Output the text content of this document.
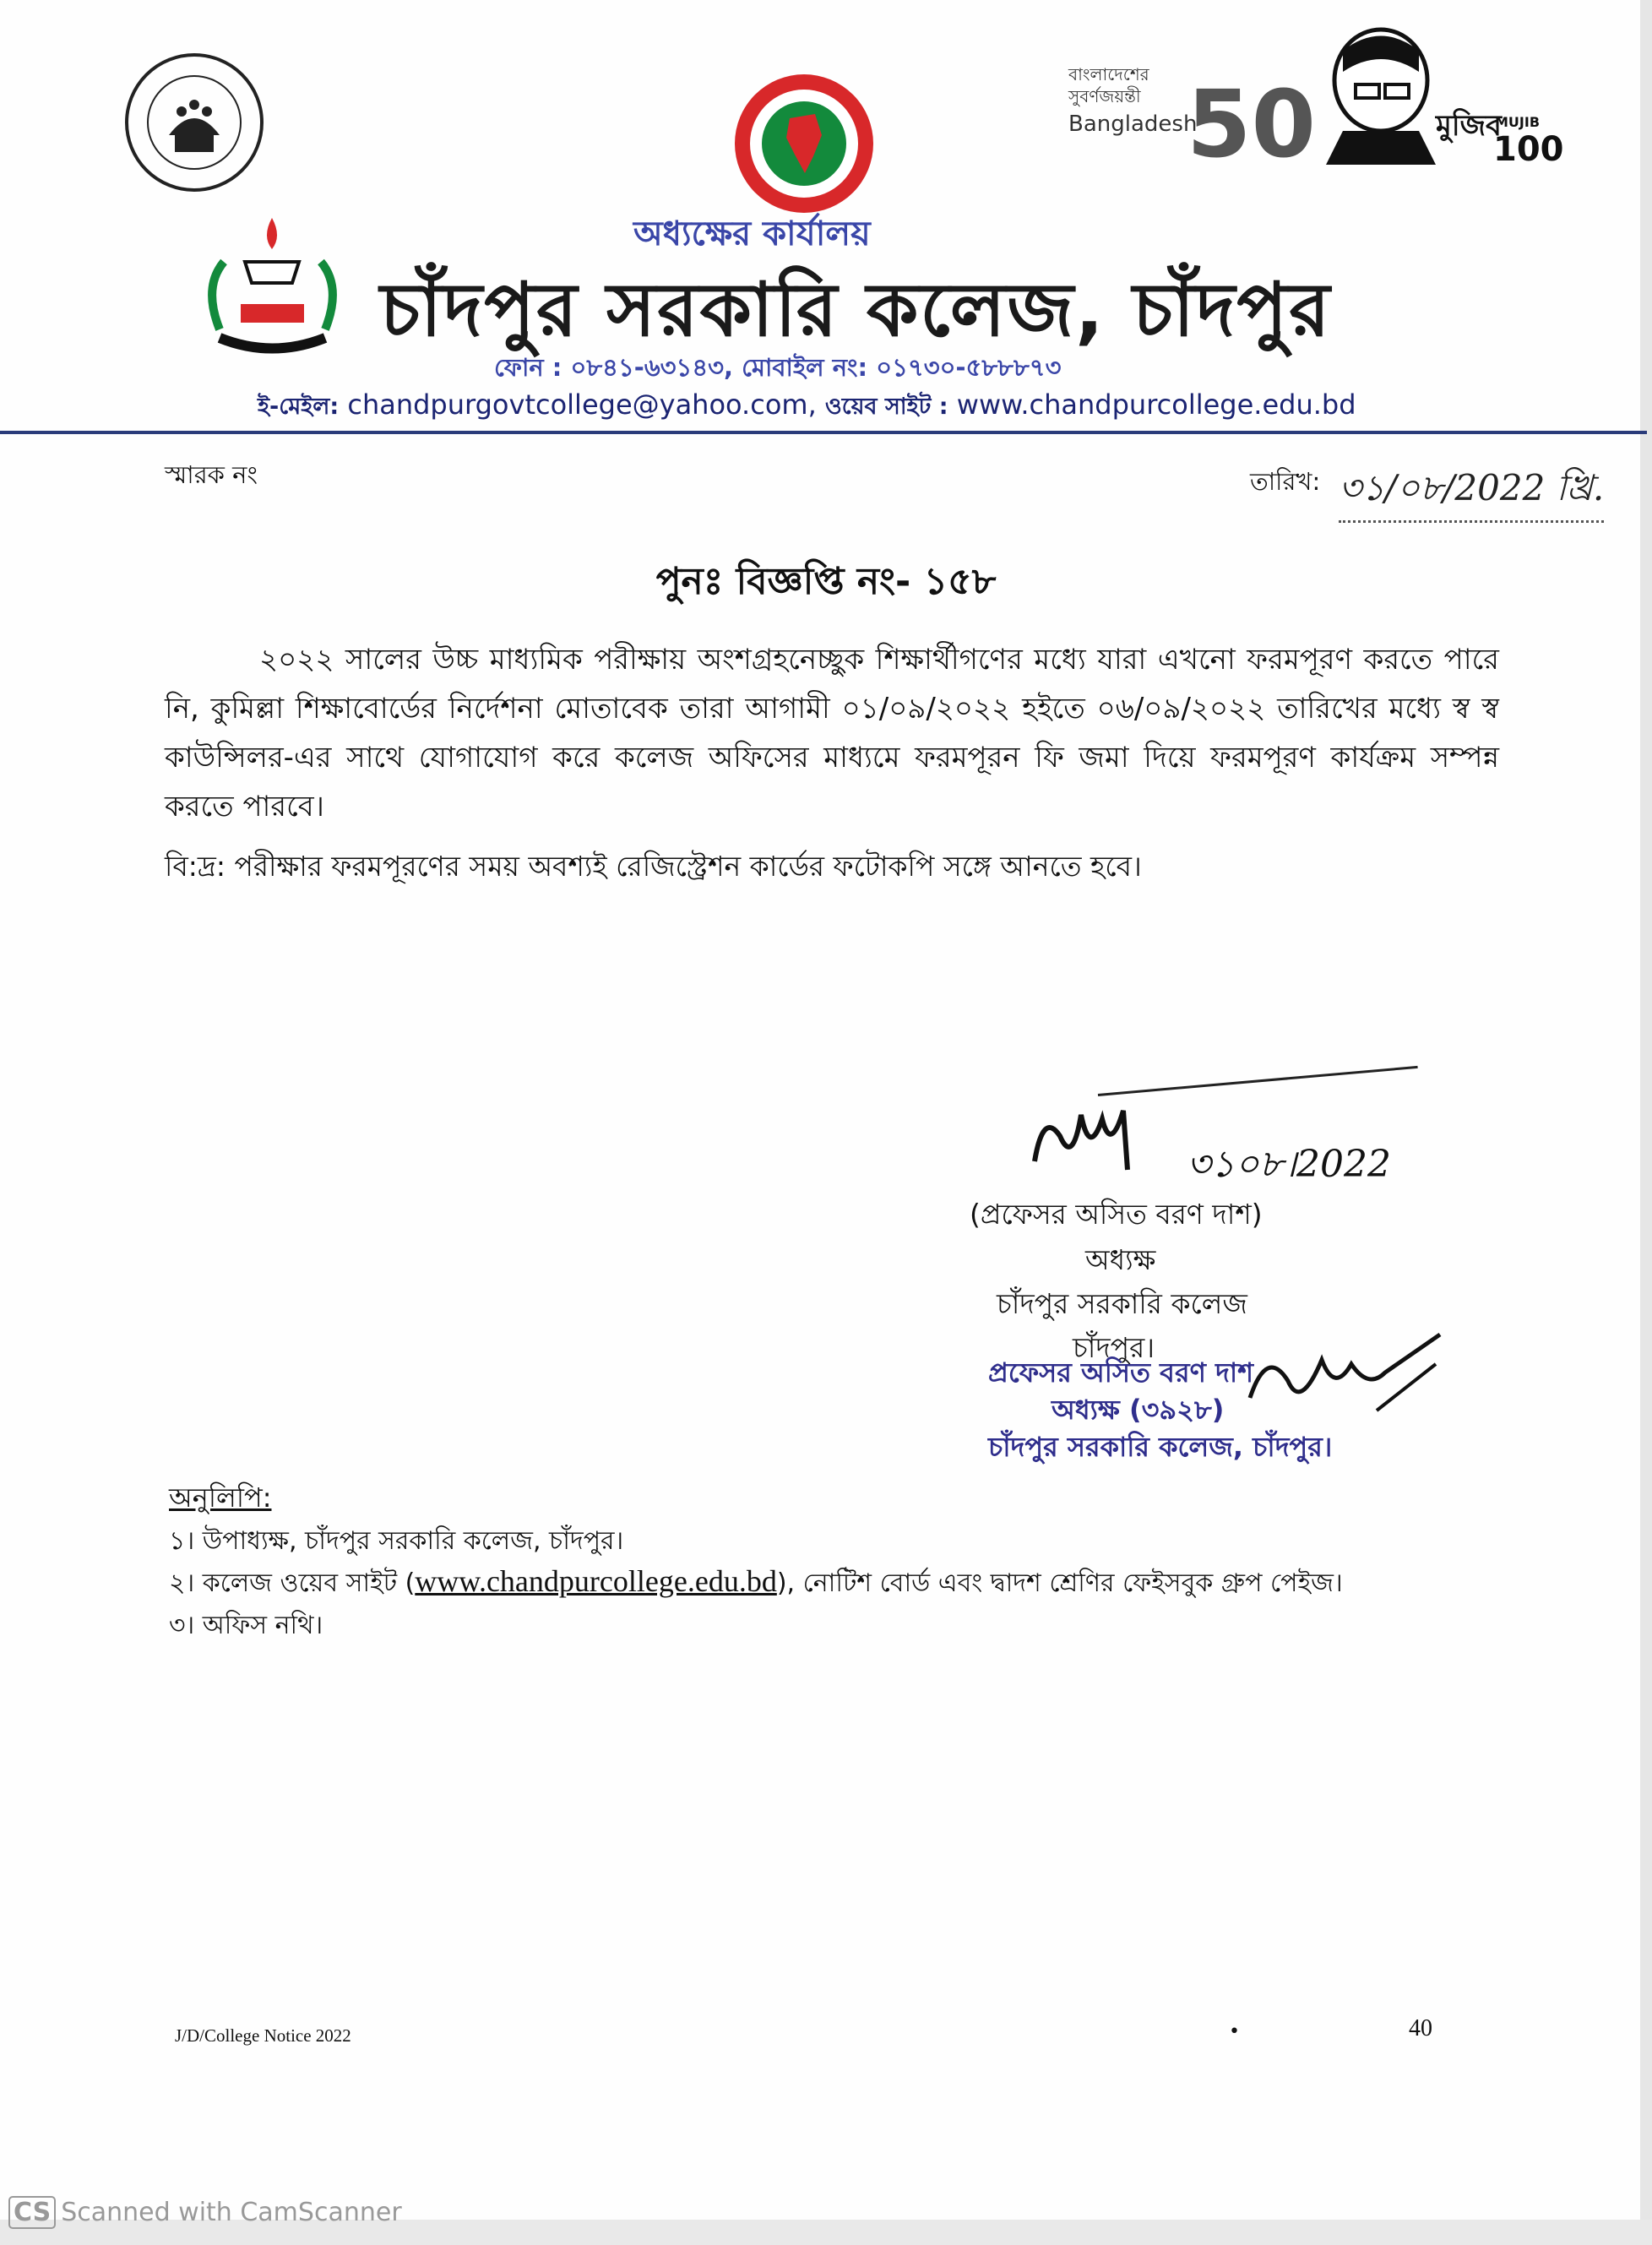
বাংলাদেশের
সুবর্ণজয়ন্তী
Bangladesh
50	মুজিব
MUJIB
100
অধ্যক্ষের কার্যালয়
চাঁদপুর সরকারি কলেজ, চাঁদপুর
ফোন : ০৮৪১-৬৩১৪৩, মোবাইল নং: ০১৭৩০-৫৮৮৮৭৩
ই-মেইল: chandpurgovtcollege@yahoo.com, ওয়েব সাইট : www.chandpurcollege.edu.bd
স্মারক নং	তারিখ: ৩১/০৮/2022 খ্রি.
পুনঃ বিজ্ঞপ্তি নং- ১৫৮
২০২২ সালের উচ্চ মাধ্যমিক পরীক্ষায় অংশগ্রহনেচ্ছুক শিক্ষার্থীগণের মধ্যে যারা এখনো ফরমপূরণ করতে পারে নি, কুমিল্লা শিক্ষাবোর্ডের নির্দেশনা মোতাবেক তারা আগামী ০১/০৯/২০২২ হইতে ০৬/০৯/২০২২ তারিখের মধ্যে স্ব স্ব কাউন্সিলর-এর সাথে যোগাযোগ করে কলেজ অফিসের মাধ্যমে ফরমপূরন ফি জমা দিয়ে ফরমপূরণ কার্যক্রম সম্পন্ন করতে পারবে।
বি:দ্র: পরীক্ষার ফরমপূরণের সময় অবশ্যই রেজিস্ট্রেশন কার্ডের ফটোকপি সঙ্গে আনতে হবে।
৩১০৮।2022
(প্রফেসর অসিত বরণ দাশ)
অধ্যক্ষ
চাঁদপুর সরকারি কলেজ
চাঁদপুর।
প্রফেসর অসিত বরণ দাশ
অধ্যক্ষ (৩৯২৮)
চাঁদপুর সরকারি কলেজ, চাঁদপুর।
অনুলিপি:
১। উপাধ্যক্ষ, চাঁদপুর সরকারি কলেজ, চাঁদপুর।
২। কলেজ ওয়েব সাইট (www.chandpurcollege.edu.bd), নোটিশ বোর্ড এবং দ্বাদশ শ্রেণির ফেইসবুক গ্রুপ পেইজ।
৩। অফিস নথি।
J/D/College Notice 2022	•	40
CS Scanned with CamScanner
